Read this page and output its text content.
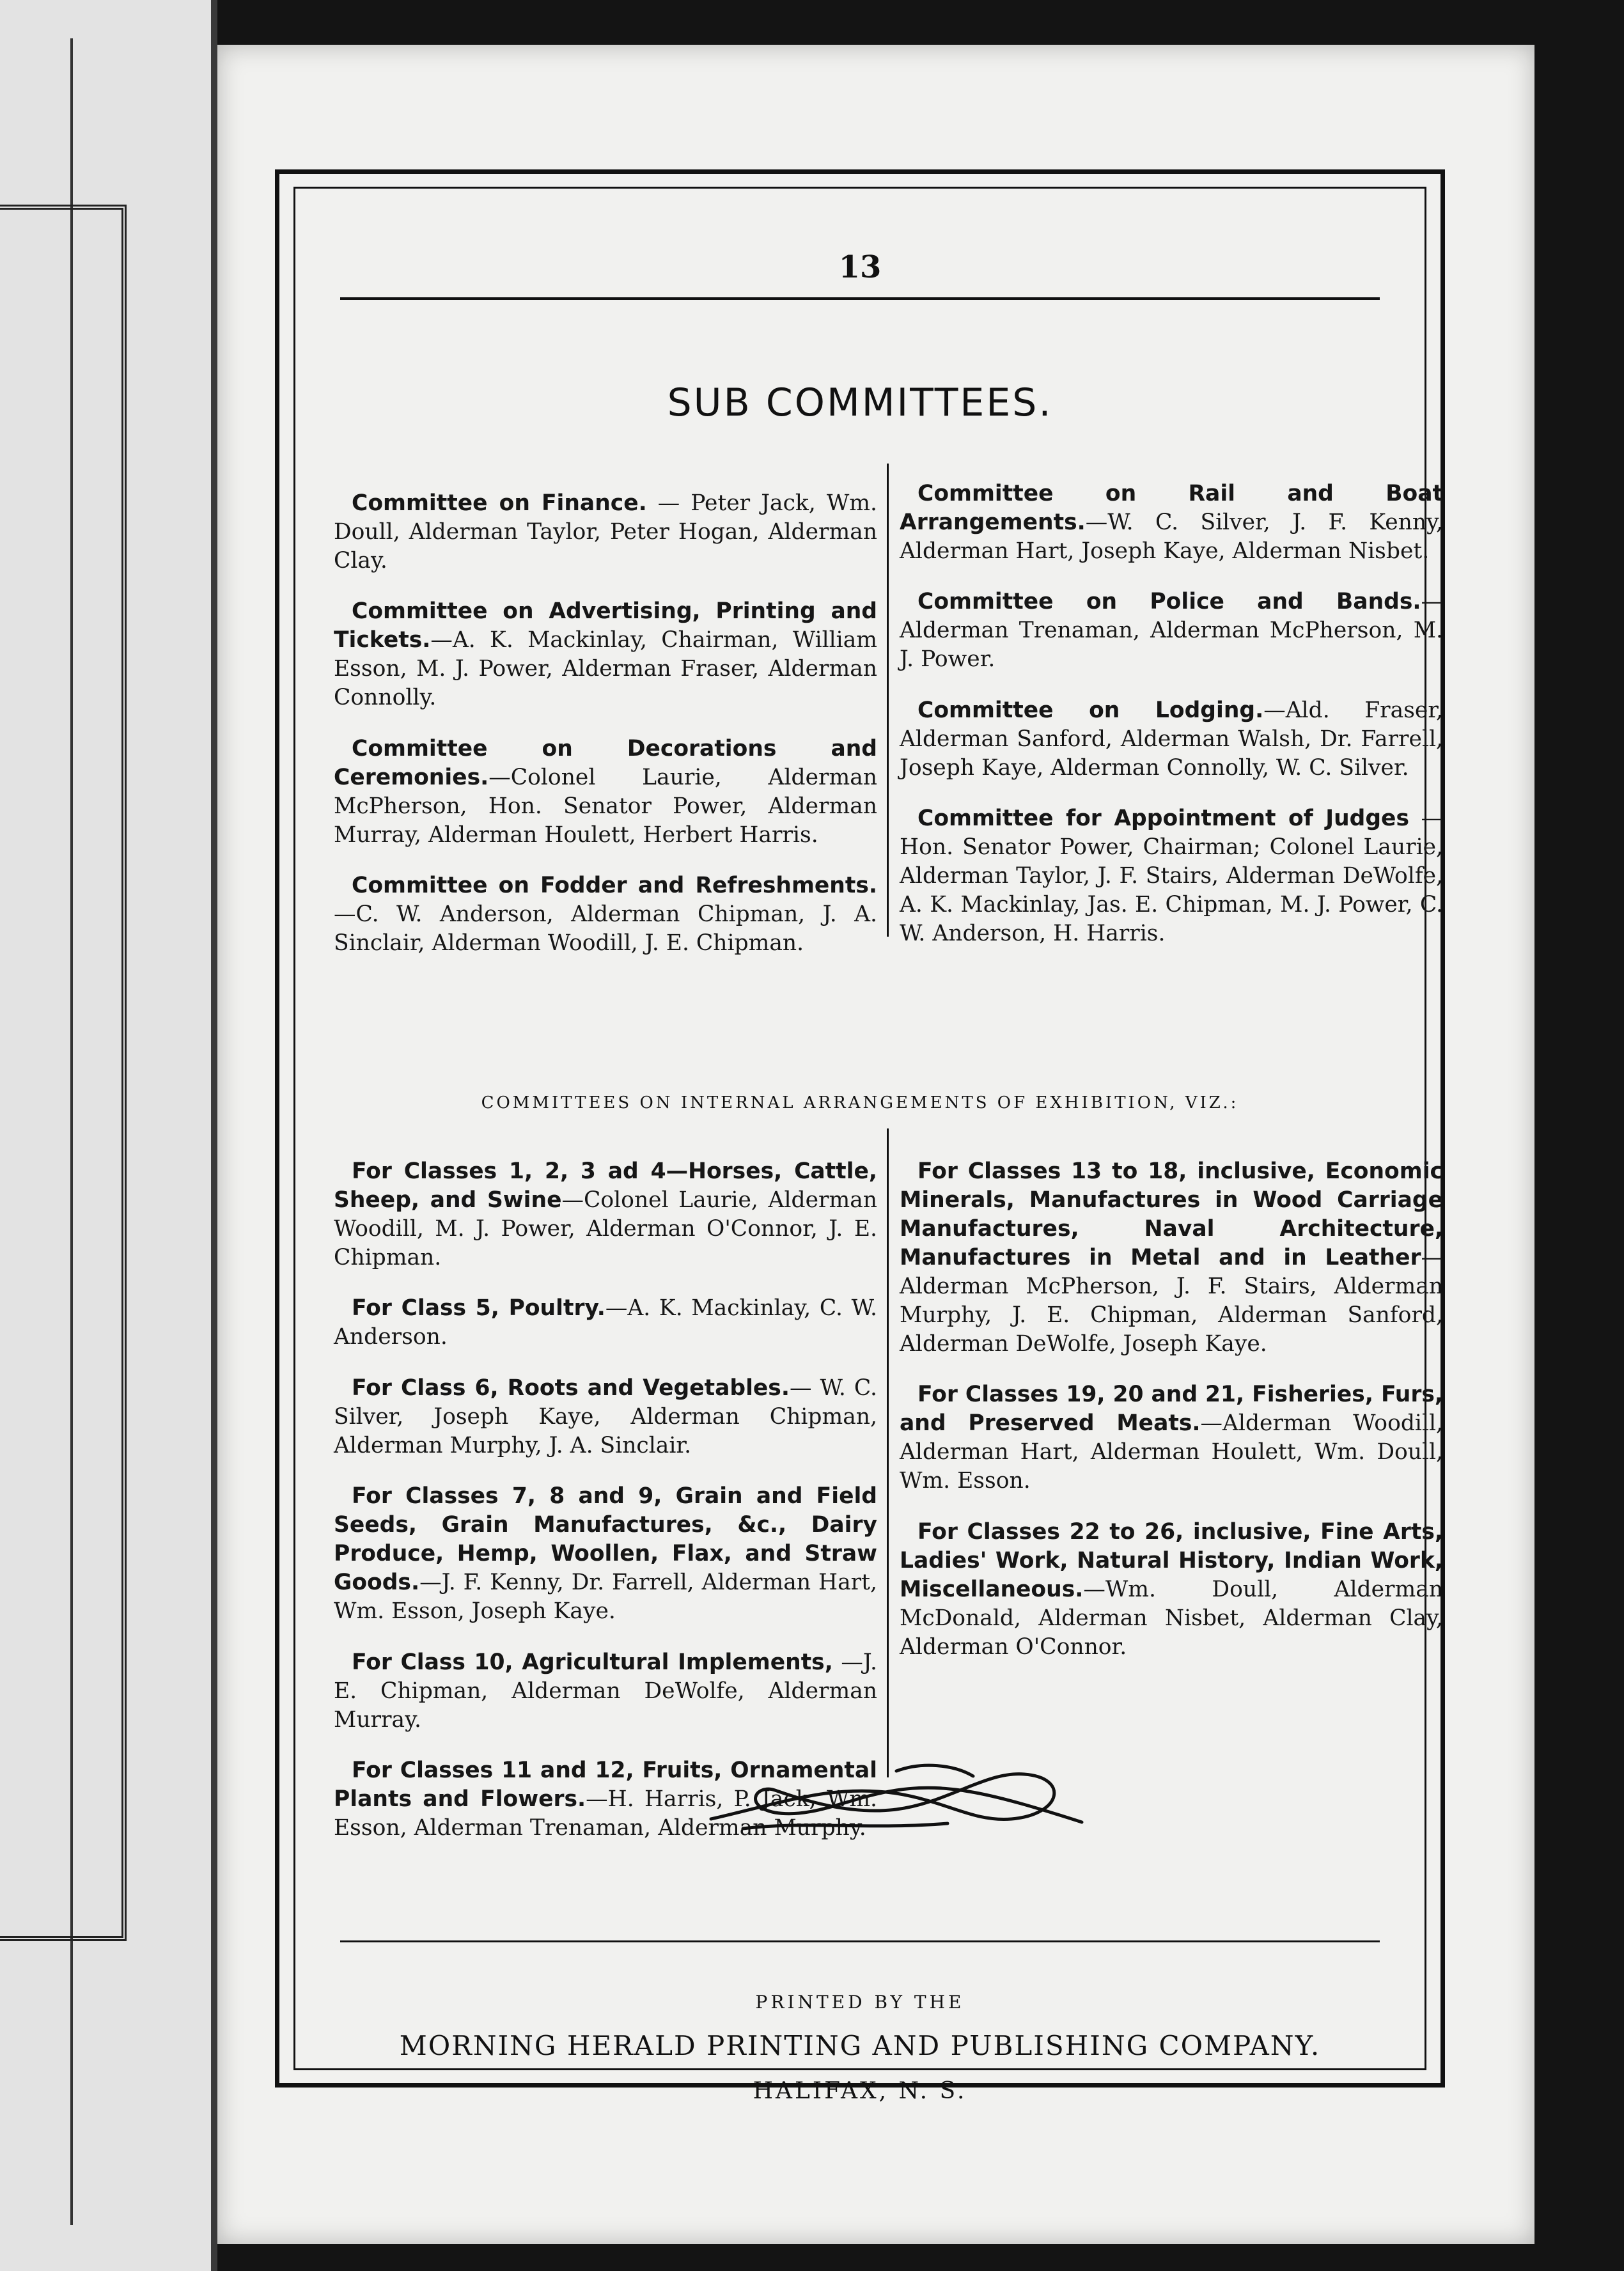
13
SUB COMMITTEES.

Committee on Finance. — Peter Jack, Wm. Doull, Alderman Taylor, Peter Hogan, Alderman Clay.

Committee on Advertising, Printing and Tickets.—A. K. Mackinlay, Chairman, William Esson, M. J. Power, Alderman Fraser, Alderman Connolly.

Committee on Decorations and Ceremonies.—Colonel Laurie, Alderman McPherson, Hon. Senator Power, Alderman Murray, Alderman Houlett, Herbert Harris.

Committee on Fodder and Refreshments.—C. W. Anderson, Alderman Chipman, J. A. Sinclair, Alderman Woodill, J. E. Chipman.

Committee on Rail and Boat Arrangements.—W. C. Silver, J. F. Kenny, Alderman Hart, Joseph Kaye, Alderman Nisbet.

Committee on Police and Bands.— Alderman Trenaman, Alderman McPherson, M. J. Power.

Committee on Lodging.—Ald. Fraser, Alderman Sanford, Alderman Walsh, Dr. Farrell, Joseph Kaye, Alderman Connolly, W. C. Silver.

Committee for Appointment of Judges —Hon. Senator Power, Chairman; Colonel Laurie, Alderman Taylor, J. F. Stairs, Alderman DeWolfe, A. K. Mackinlay, Jas. E. Chipman, M. J. Power, C. W. Anderson, H. Harris.

COMMITTEES ON INTERNAL ARRANGEMENTS OF EXHIBITION, VIZ.:

For Classes 1, 2, 3 ad 4—Horses, Cattle, Sheep, and Swine—Colonel Laurie, Alderman Woodill, M. J. Power, Alderman O'Connor, J. E. Chipman.

For Class 5, Poultry.—A. K. Mackinlay, C. W. Anderson.

For Class 6, Roots and Vegetables.— W. C. Silver, Joseph Kaye, Alderman Chipman, Alderman Murphy, J. A. Sinclair.

For Classes 7, 8 and 9, Grain and Field Seeds, Grain Manufactures, &c., Dairy Produce, Hemp, Woollen, Flax, and Straw Goods.—J. F. Kenny, Dr. Farrell, Alderman Hart, Wm. Esson, Joseph Kaye.

For Class 10, Agricultural Implements, —J. E. Chipman, Alderman DeWolfe, Alderman Murray.

For Classes 11 and 12, Fruits, Ornamental Plants and Flowers.—H. Harris, P. Jack, Wm. Esson, Alderman Trenaman, Alderman Murphy.

For Classes 13 to 18, inclusive, Economic Minerals, Manufactures in Wood Carriage Manufactures, Naval Architecture, Manufactures in Metal and in Leather—Alderman McPherson, J. F. Stairs, Alderman Murphy, J. E. Chipman, Alderman Sanford, Alderman DeWolfe, Joseph Kaye.

For Classes 19, 20 and 21, Fisheries, Furs, and Preserved Meats.—Alderman Woodill, Alderman Hart, Alderman Houlett, Wm. Doull, Wm. Esson.

For Classes 22 to 26, inclusive, Fine Arts, Ladies' Work, Natural History, Indian Work, Miscellaneous.—Wm. Doull, Alderman McDonald, Alderman Nisbet, Alderman Clay, Alderman O'Connor.

PRINTED BY THE
MORNING HERALD PRINTING AND PUBLISHING COMPANY.
HALIFAX, N. S.
